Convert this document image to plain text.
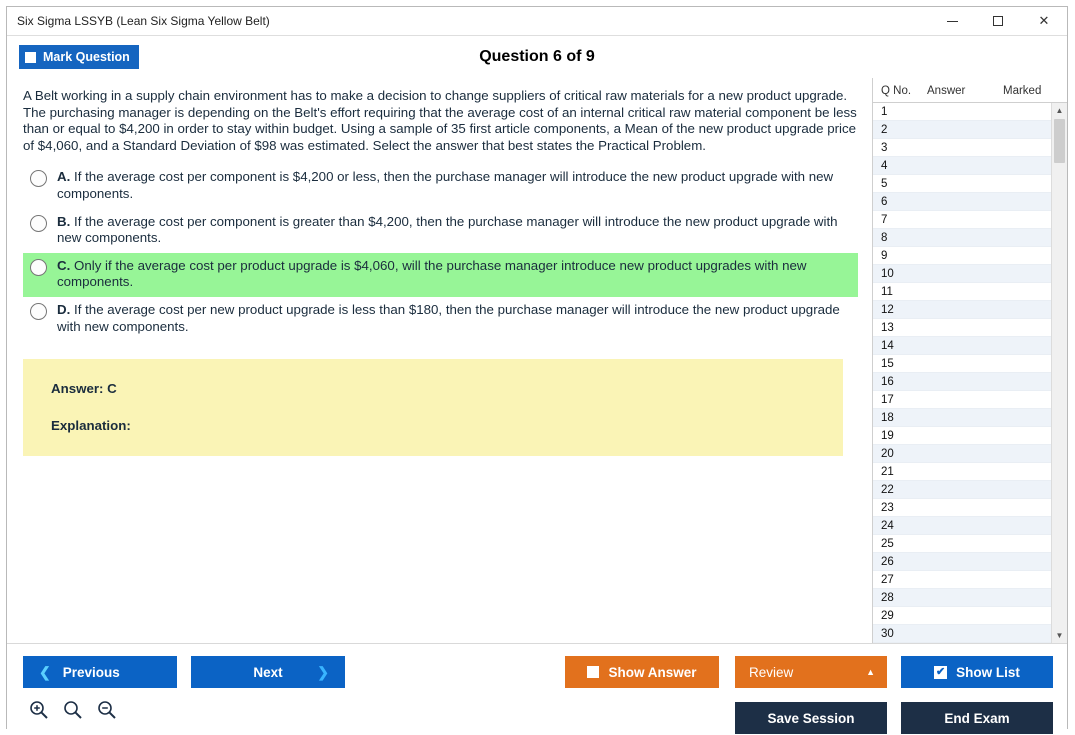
Six Sigma LSSYB (Lean Six Sigma Yellow Belt)	✕
Mark Question	Question 6 of 9
A Belt working in a supply chain environment has to make a decision to change suppliers of critical raw materials for a new product upgrade. The purchasing manager is depending on the Belt's effort requiring that the average cost of an internal critical raw material component be less than or equal to $4,200 in order to stay within budget. Using a sample of 35 first article components, a Mean of the new product upgrade price of $4,060, and a Standard Deviation of $98 was estimated. Select the answer that best states the Practical Problem.
A. If the average cost per component is $4,200 or less, then the purchase manager will introduce the new product upgrade with new components.
B. If the average cost per component is greater than $4,200, then the purchase manager will introduce the new product upgrade with new components.
C. Only if the average cost per product upgrade is $4,060, will the purchase manager introduce new product upgrades with new components.
D. If the average cost per new product upgrade is less than $180, then the purchase manager will introduce the new product upgrade with new components.
Answer: C
Explanation:
Q No.	Answer	Marked
1
2
3
4
5
6
7
8
9
10
11
12
13
14
15
16
17
18
19
20
21
22
23
24
25
26
27
28
29
30
▲
▼
❮ Previous	Next ❯	Show Answer	Review	▲	✔ Show List
Save Session	End Exam
